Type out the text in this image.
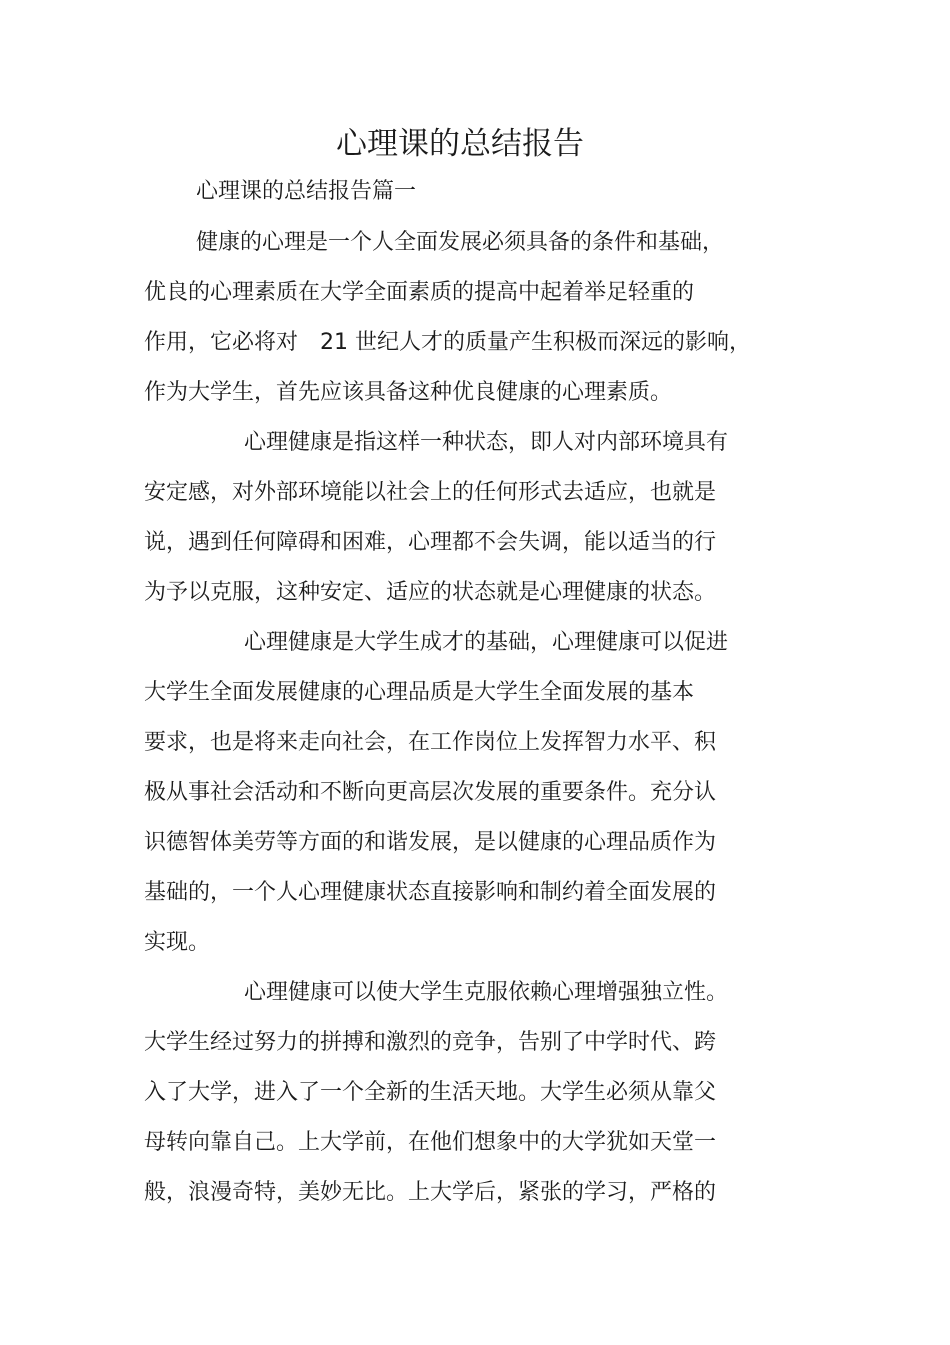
心理课的总结报告

心理课的总结报告篇一

健康的心理是一个人全面发展必须具备的条件和基础，

优良的心理素质在大学全面素质的提高中起着举足轻重的

作用，它必将对　21 世纪人才的质量产生积极而深远的影响，

作为大学生，首先应该具备这种优良健康的心理素质。

心理健康是指这样一种状态，即人对内部环境具有

安定感，对外部环境能以社会上的任何形式去适应，也就是

说，遇到任何障碍和困难，心理都不会失调，能以适当的行

为予以克服，这种安定、适应的状态就是心理健康的状态。

心理健康是大学生成才的基础，心理健康可以促进

大学生全面发展健康的心理品质是大学生全面发展的基本

要求，也是将来走向社会，在工作岗位上发挥智力水平、积

极从事社会活动和不断向更高层次发展的重要条件。充分认

识德智体美劳等方面的和谐发展，是以健康的心理品质作为

基础的，一个人心理健康状态直接影响和制约着全面发展的

实现。

心理健康可以使大学生克服依赖心理增强独立性。

大学生经过努力的拼搏和激烈的竞争，告别了中学时代、跨

入了大学，进入了一个全新的生活天地。大学生必须从靠父

母转向靠自己。上大学前，在他们想象中的大学犹如天堂一

般，浪漫奇特，美妙无比。上大学后，紧张的学习，严格的
